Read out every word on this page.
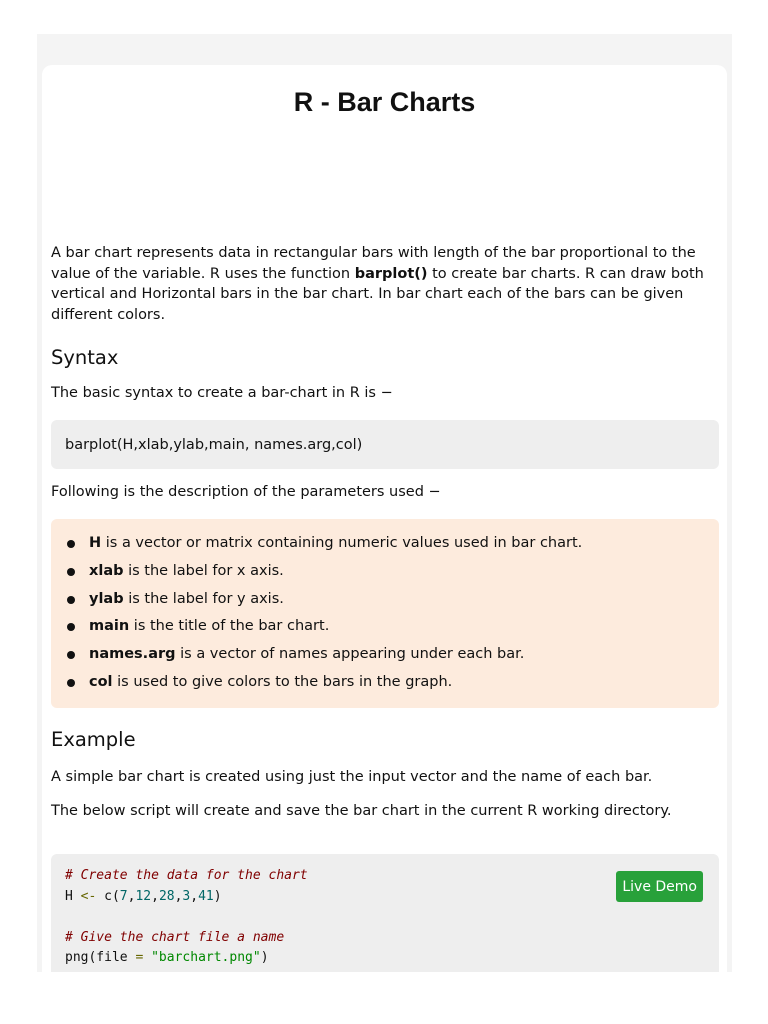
R - Bar Charts

A bar chart represents data in rectangular bars with length of the bar proportional to the value of the variable. R uses the function barplot() to create bar charts. R can draw both vertical and Horizontal bars in the bar chart. In bar chart each of the bars can be given different colors.

Syntax

The basic syntax to create a bar-chart in R is −

barplot(H,xlab,ylab,main, names.arg,col)

Following is the description of the parameters used −

H is a vector or matrix containing numeric values used in bar chart.
xlab is the label for x axis.
ylab is the label for y axis.
main is the title of the bar chart.
names.arg is a vector of names appearing under each bar.
col is used to give colors to the bars in the graph.
Example

A simple bar chart is created using just the input vector and the name of each bar.

The below script will create and save the bar chart in the current R working directory.

# Create the data for the chart
H <- c(7,12,28,3,41)
# Give the chart file a name
png(file = "barchart.png")
Live Demo
